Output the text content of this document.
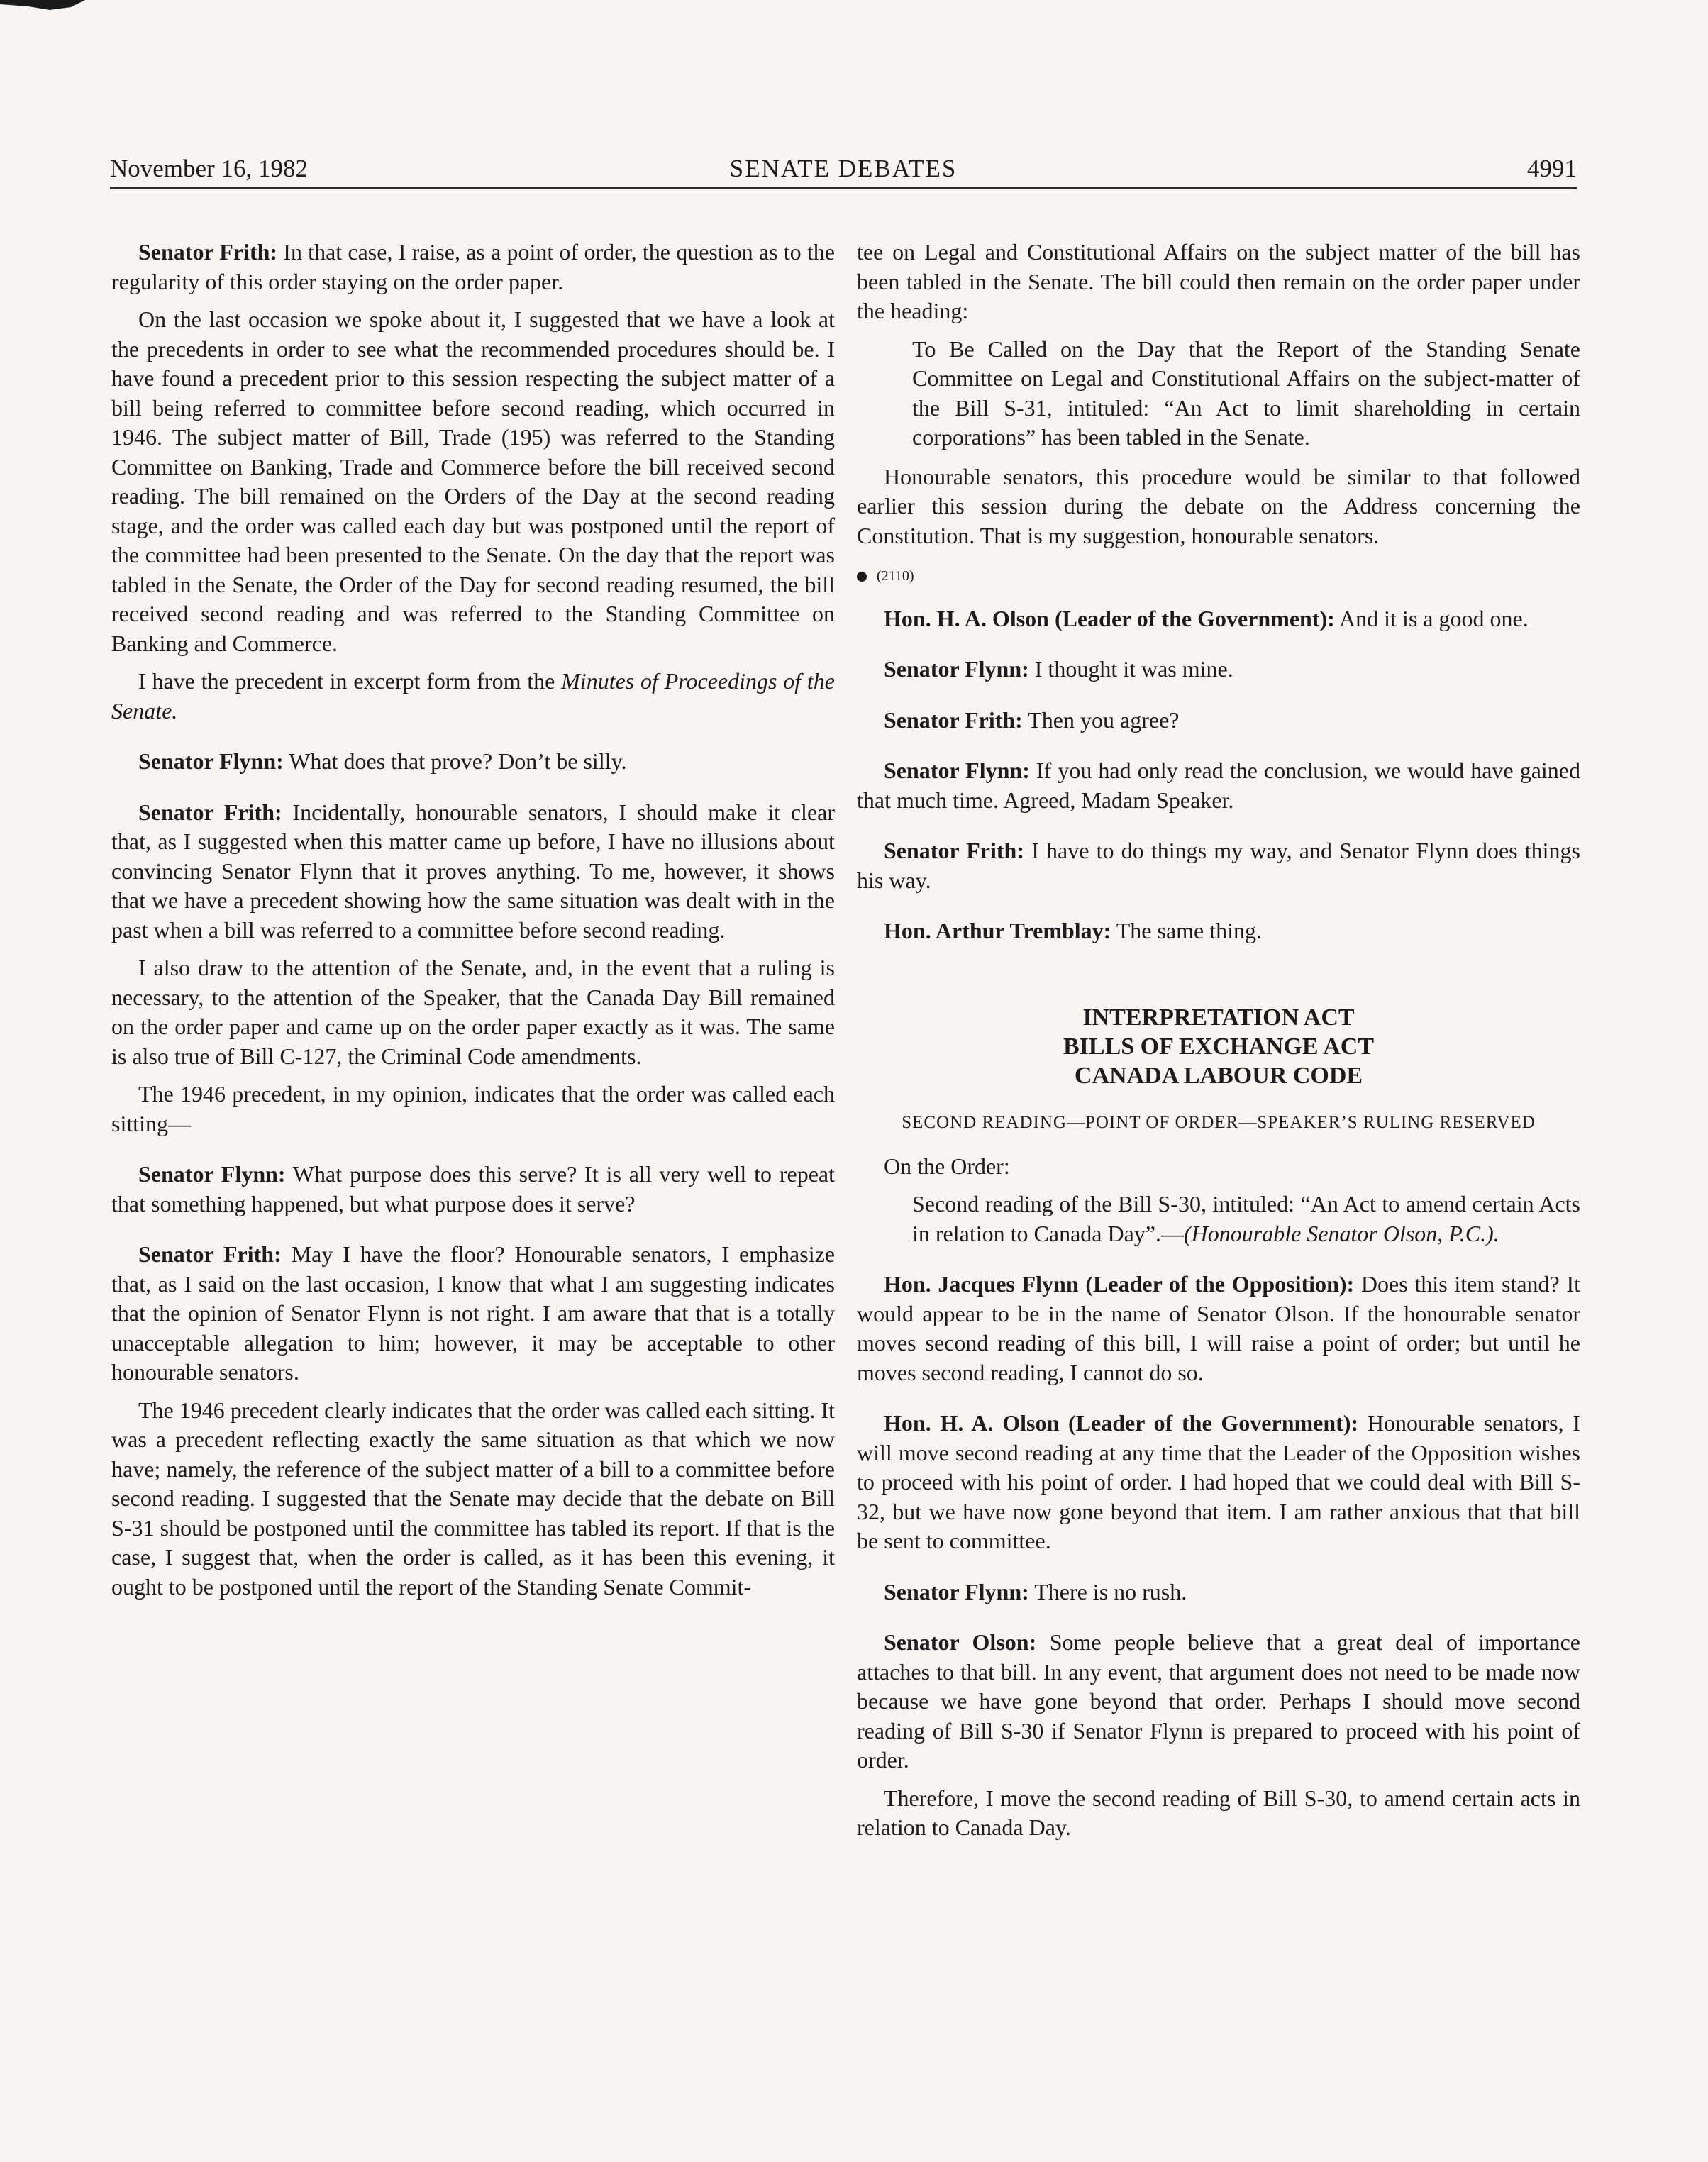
November 16, 1982	SENATE DEBATES	4991

Senator Frith: In that case, I raise, as a point of order, the question as to the regularity of this order staying on the order paper.

On the last occasion we spoke about it, I suggested that we have a look at the precedents in order to see what the recommended procedures should be. I have found a precedent prior to this session respecting the subject matter of a bill being referred to committee before second reading, which occurred in 1946. The subject matter of Bill, Trade (195) was referred to the Standing Committee on Banking, Trade and Commerce before the bill received second reading. The bill remained on the Orders of the Day at the second reading stage, and the order was called each day but was postponed until the report of the committee had been presented to the Senate. On the day that the report was tabled in the Senate, the Order of the Day for second reading resumed, the bill received second reading and was referred to the Standing Committee on Banking and Commerce.

I have the precedent in excerpt form from the Minutes of Proceedings of the Senate.

Senator Flynn: What does that prove? Don’t be silly.

Senator Frith: Incidentally, honourable senators, I should make it clear that, as I suggested when this matter came up before, I have no illusions about convincing Senator Flynn that it proves anything. To me, however, it shows that we have a precedent showing how the same situation was dealt with in the past when a bill was referred to a committee before second reading.

I also draw to the attention of the Senate, and, in the event that a ruling is necessary, to the attention of the Speaker, that the Canada Day Bill remained on the order paper and came up on the order paper exactly as it was. The same is also true of Bill C-127, the Criminal Code amendments.

The 1946 precedent, in my opinion, indicates that the order was called each sitting—

Senator Flynn: What purpose does this serve? It is all very well to repeat that something happened, but what purpose does it serve?

Senator Frith: May I have the floor? Honourable senators, I emphasize that, as I said on the last occasion, I know that what I am suggesting indicates that the opinion of Senator Flynn is not right. I am aware that that is a totally unacceptable allegation to him; however, it may be acceptable to other honourable senators.

The 1946 precedent clearly indicates that the order was called each sitting. It was a precedent reflecting exactly the same situation as that which we now have; namely, the reference of the subject matter of a bill to a committee before second reading. I suggested that the Senate may decide that the debate on Bill S-31 should be postponed until the committee has tabled its report. If that is the case, I suggest that, when the order is called, as it has been this evening, it ought to be postponed until the report of the Standing Senate Commit-

tee on Legal and Constitutional Affairs on the subject matter of the bill has been tabled in the Senate. The bill could then remain on the order paper under the heading:

To Be Called on the Day that the Report of the Standing Senate Committee on Legal and Constitutional Affairs on the subject-matter of the Bill S-31, intituled: “An Act to limit shareholding in certain corporations” has been tabled in the Senate.

Honourable senators, this procedure would be similar to that followed earlier this session during the debate on the Address concerning the Constitution. That is my suggestion, honourable senators.

(2110)

Hon. H. A. Olson (Leader of the Government): And it is a good one.

Senator Flynn: I thought it was mine.

Senator Frith: Then you agree?

Senator Flynn: If you had only read the conclusion, we would have gained that much time. Agreed, Madam Speaker.

Senator Frith: I have to do things my way, and Senator Flynn does things his way.

Hon. Arthur Tremblay: The same thing.

INTERPRETATION ACT
BILLS OF EXCHANGE ACT
CANADA LABOUR CODE
SECOND READING—POINT OF ORDER—SPEAKER’S RULING RESERVED

On the Order:

Second reading of the Bill S-30, intituled: “An Act to amend certain Acts in relation to Canada Day”.—(Honourable Senator Olson, P.C.).

Hon. Jacques Flynn (Leader of the Opposition): Does this item stand? It would appear to be in the name of Senator Olson. If the honourable senator moves second reading of this bill, I will raise a point of order; but until he moves second reading, I cannot do so.

Hon. H. A. Olson (Leader of the Government): Honourable senators, I will move second reading at any time that the Leader of the Opposition wishes to proceed with his point of order. I had hoped that we could deal with Bill S-32, but we have now gone beyond that item. I am rather anxious that that bill be sent to committee.

Senator Flynn: There is no rush.

Senator Olson: Some people believe that a great deal of importance attaches to that bill. In any event, that argument does not need to be made now because we have gone beyond that order. Perhaps I should move second reading of Bill S-30 if Senator Flynn is prepared to proceed with his point of order.

Therefore, I move the second reading of Bill S-30, to amend certain acts in relation to Canada Day.
